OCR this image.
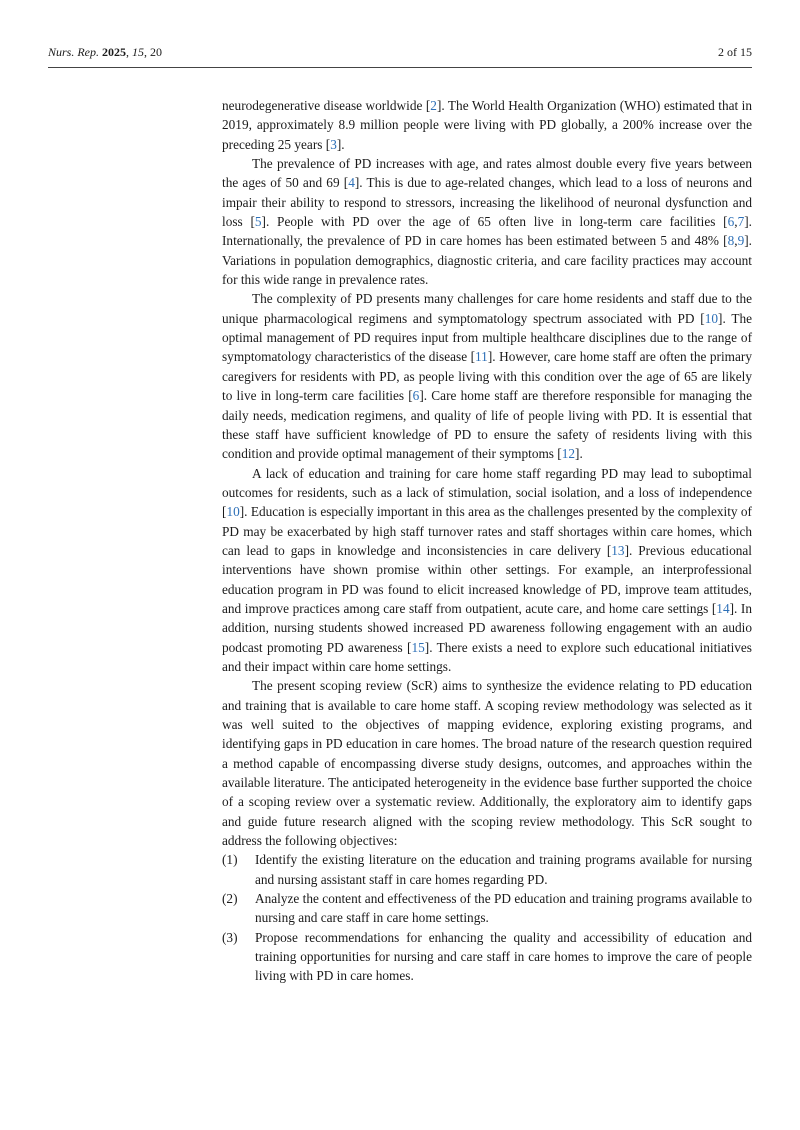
Nurs. Rep. 2025, 15, 20	2 of 15

neurodegenerative disease worldwide [2]. The World Health Organization (WHO) estimated that in 2019, approximately 8.9 million people were living with PD globally, a 200% increase over the preceding 25 years [3].

The prevalence of PD increases with age, and rates almost double every five years between the ages of 50 and 69 [4]. This is due to age-related changes, which lead to a loss of neurons and impair their ability to respond to stressors, increasing the likelihood of neuronal dysfunction and loss [5]. People with PD over the age of 65 often live in long-term care facilities [6,7]. Internationally, the prevalence of PD in care homes has been estimated between 5 and 48% [8,9]. Variations in population demographics, diagnostic criteria, and care facility practices may account for this wide range in prevalence rates.

The complexity of PD presents many challenges for care home residents and staff due to the unique pharmacological regimens and symptomatology spectrum associated with PD [10]. The optimal management of PD requires input from multiple healthcare disciplines due to the range of symptomatology characteristics of the disease [11]. However, care home staff are often the primary caregivers for residents with PD, as people living with this condition over the age of 65 are likely to live in long-term care facilities [6]. Care home staff are therefore responsible for managing the daily needs, medication regimens, and quality of life of people living with PD. It is essential that these staff have sufficient knowledge of PD to ensure the safety of residents living with this condition and provide optimal management of their symptoms [12].

A lack of education and training for care home staff regarding PD may lead to suboptimal outcomes for residents, such as a lack of stimulation, social isolation, and a loss of independence [10]. Education is especially important in this area as the challenges presented by the complexity of PD may be exacerbated by high staff turnover rates and staff shortages within care homes, which can lead to gaps in knowledge and inconsistencies in care delivery [13]. Previous educational interventions have shown promise within other settings. For example, an interprofessional education program in PD was found to elicit increased knowledge of PD, improve team attitudes, and improve practices among care staff from outpatient, acute care, and home care settings [14]. In addition, nursing students showed increased PD awareness following engagement with an audio podcast promoting PD awareness [15]. There exists a need to explore such educational initiatives and their impact within care home settings.

The present scoping review (ScR) aims to synthesize the evidence relating to PD education and training that is available to care home staff. A scoping review methodology was selected as it was well suited to the objectives of mapping evidence, exploring existing programs, and identifying gaps in PD education in care homes. The broad nature of the research question required a method capable of encompassing diverse study designs, outcomes, and approaches within the available literature. The anticipated heterogeneity in the evidence base further supported the choice of a scoping review over a systematic review. Additionally, the exploratory aim to identify gaps and guide future research aligned with the scoping review methodology. This ScR sought to address the following objectives:

(1) Identify the existing literature on the education and training programs available for nursing and nursing assistant staff in care homes regarding PD.
(2) Analyze the content and effectiveness of the PD education and training programs available to nursing and care staff in care home settings.
(3) Propose recommendations for enhancing the quality and accessibility of education and training opportunities for nursing and care staff in care homes to improve the care of people living with PD in care homes.
